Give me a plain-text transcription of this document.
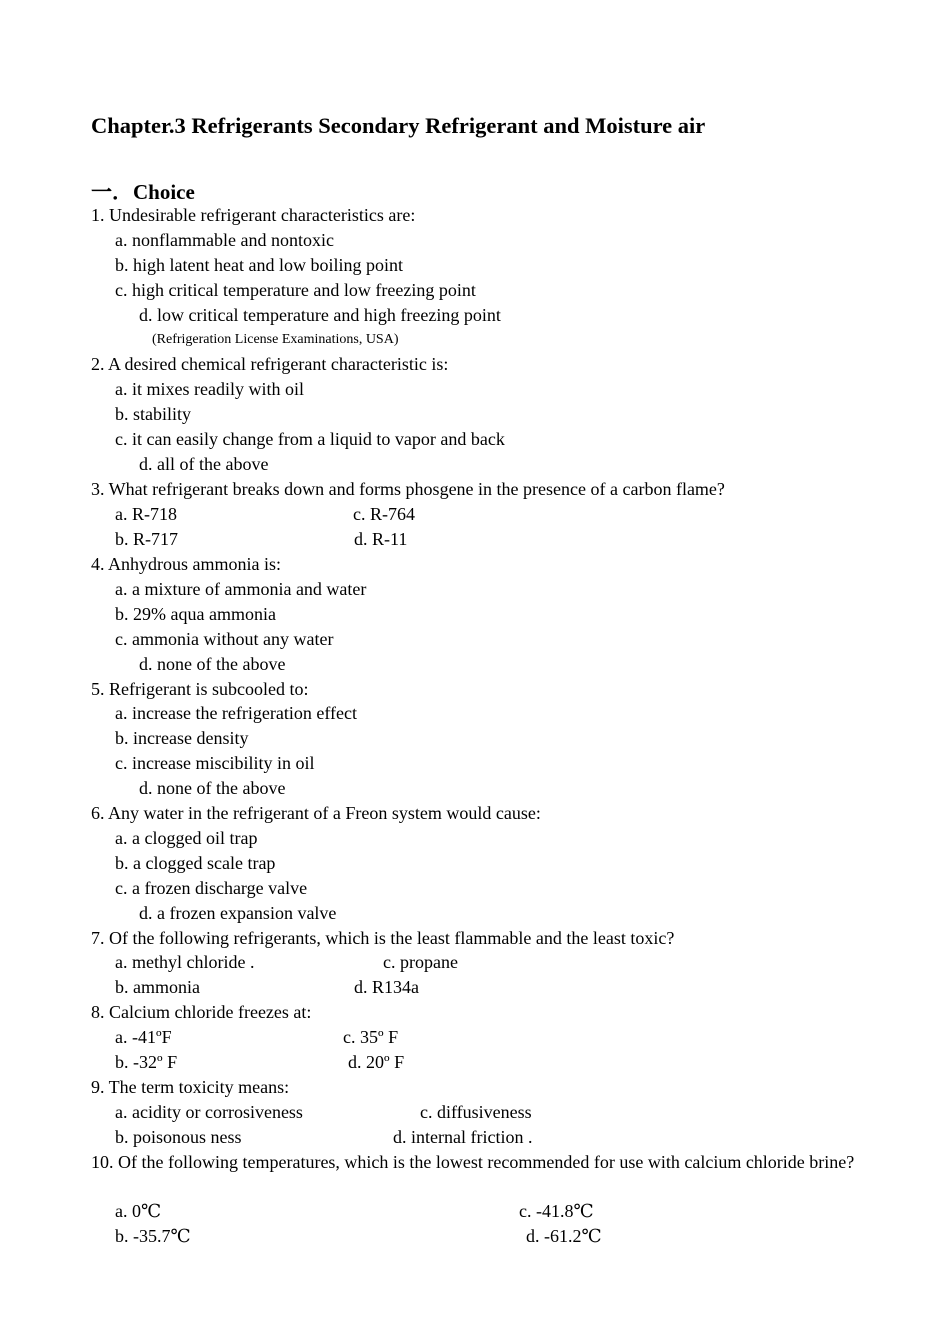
Chapter.3 Refrigerants Secondary Refrigerant and Moisture air
一．Choice
1. Undesirable refrigerant characteristics are:
a. nonflammable and nontoxic
b. high latent heat and low boiling point
c. high critical temperature and low freezing point
d. low critical temperature and high freezing point
(Refrigeration License Examinations, USA)
2. A desired chemical refrigerant characteristic is:
a. it mixes readily with oil
b. stability
c. it can easily change from a liquid to vapor and back
d. all of the above
3. What refrigerant breaks down and forms phosgene in the presence of a carbon flame?
a. R-718	c. R-764
b. R-717	d. R-11
4. Anhydrous ammonia is:
a. a mixture of ammonia and water
b. 29% aqua ammonia
c. ammonia without any water
d. none of the above
5. Refrigerant is subcooled to:
a. increase the refrigeration effect
b. increase density
c. increase miscibility in oil
d. none of the above
6. Any water in the refrigerant of a Freon system would cause:
a. a clogged oil trap
b. a clogged scale trap
c. a frozen discharge valve
d. a frozen expansion valve
7. Of the following refrigerants, which is the least flammable and the least toxic?
a. methyl chloride .	c. propane
b. ammonia	d. R134a
8. Calcium chloride freezes at:
a. -41ºF	c. 35º F
b. -32º F	d. 20º F
9. The term toxicity means:
a. acidity or corrosiveness	c. diffusiveness
b. poisonous ness	d. internal friction .
10. Of the following temperatures, which is the lowest recommended for use with calcium chloride brine?
a. 0℃	c. -41.8℃
b. -35.7℃	d. -61.2℃
